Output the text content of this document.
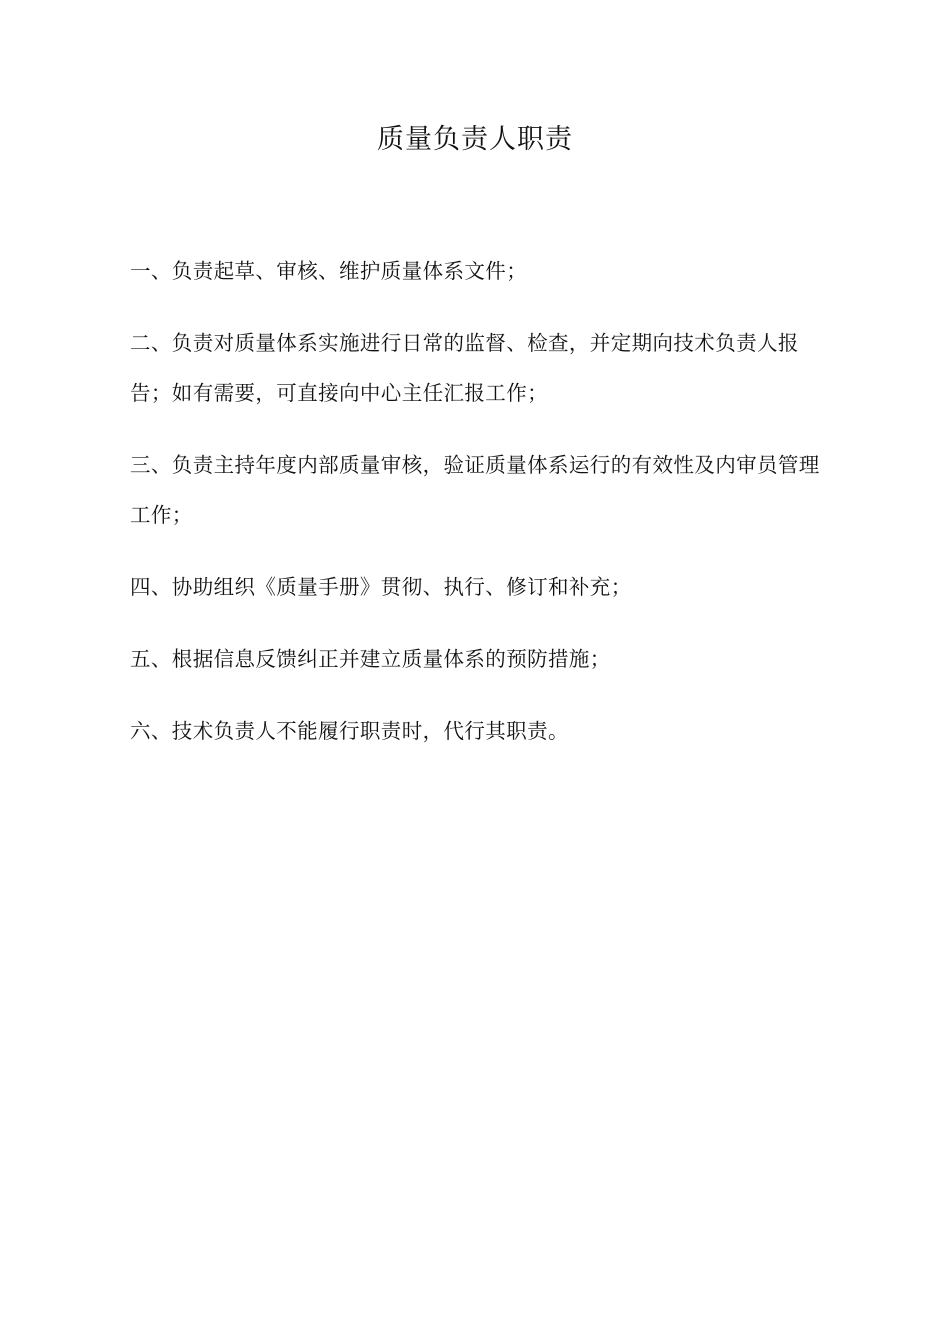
质量负责人职责
一、负责起草、审核、维护质量体系文件；
二、负责对质量体系实施进行日常的监督、检查，并定期向技术负责人报告；如有需要，可直接向中心主任汇报工作；
三、负责主持年度内部质量审核，验证质量体系运行的有效性及内审员管理工作；
四、协助组织《质量手册》贯彻、执行、修订和补充；
五、根据信息反馈纠正并建立质量体系的预防措施；
六、技术负责人不能履行职责时，代行其职责。
